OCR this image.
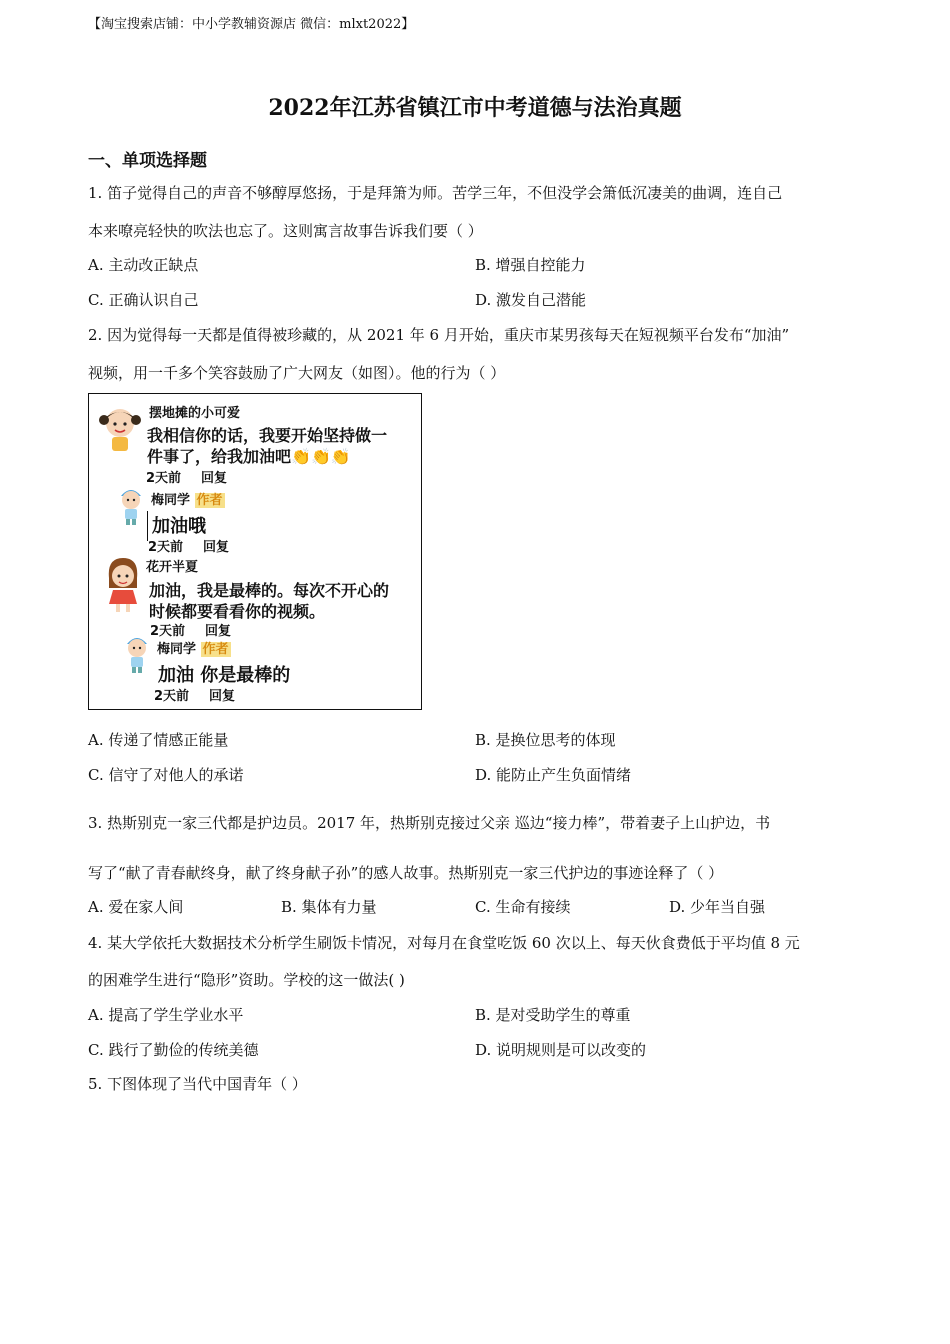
【淘宝搜索店铺：中小学教辅资源店 微信：mlxt2022】
2022年江苏省镇江市中考道德与法治真题
一、单项选择题
1. 笛子觉得自己的声音不够醇厚悠扬，于是拜箫为师。苦学三年，不但没学会箫低沉凄美的曲调，连自己
本来嘹亮轻快的吹法也忘了。这则寓言故事告诉我们要（ ）
A. 主动改正缺点	B. 增强自控能力
C. 正确认识自己	D. 激发自己潜能
2. 因为觉得每一天都是值得被珍藏的，从 2021 年 6 月开始，重庆市某男孩每天在短视频平台发布“加油”
视频，用一千多个笑容鼓励了广大网友（如图）。他的行为（ ）
摆地摊的小可爱
我相信你的话，我要开始坚持做一
件事了，给我加油吧👏👏👏
2天前 回复
梅同学 作者
加油哦
2天前 回复
花开半夏
加油，我是最棒的。每次不开心的
时候都要看看你的视频。
2天前 回复
梅同学 作者
加油 你是最棒的
2天前 回复
A. 传递了情感正能量	B. 是换位思考的体现
C. 信守了对他人的承诺	D. 能防止产生负面情绪
3. 热斯别克一家三代都是护边员。2017 年，热斯别克接过父亲 巡边“接力棒”，带着妻子上山护边，书
写了“献了青春献终身，献了终身献子孙”的感人故事。热斯别克一家三代护边的事迹诠释了（ ）
A. 爱在家人间	B. 集体有力量	C. 生命有接续	D. 少年当自强
4. 某大学依托大数据技术分析学生刷饭卡情况，对每月在食堂吃饭 60 次以上、每天伙食费低于平均值 8 元
的困难学生进行“隐形”资助。学校的这一做法( )
A. 提高了学生学业水平	B. 是对受助学生的尊重
C. 践行了勤俭的传统美德	D. 说明规则是可以改变的
5. 下图体现了当代中国青年（ ）
